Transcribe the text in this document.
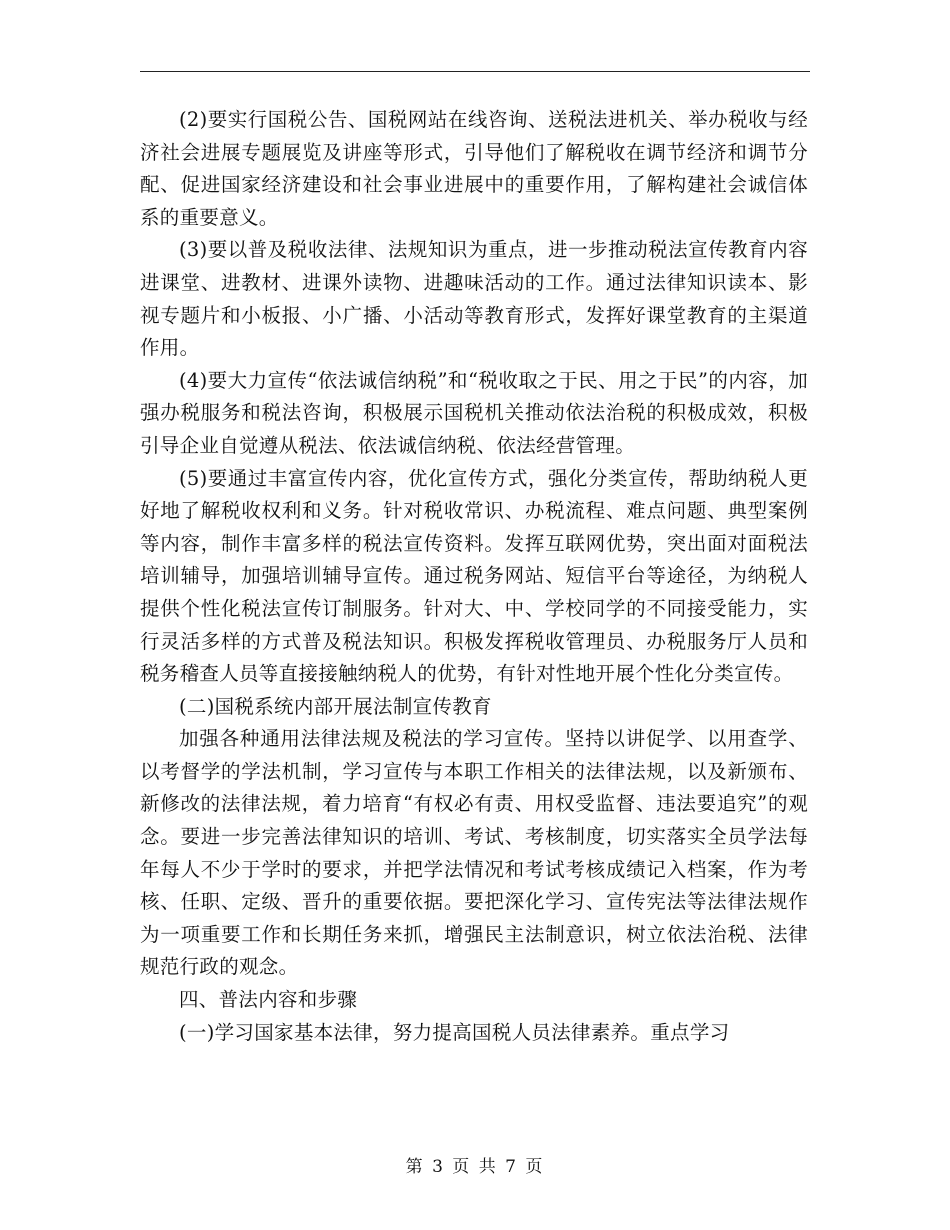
(2)要实行国税公告、国税网站在线咨询、送税法进机关、举办税收与经济社会进展专题展览及讲座等形式，引导他们了解税收在调节经济和调节分配、促进国家经济建设和社会事业进展中的重要作用，了解构建社会诚信体系的重要意义。

(3)要以普及税收法律、法规知识为重点，进一步推动税法宣传教育内容进课堂、进教材、进课外读物、进趣味活动的工作。通过法律知识读本、影视专题片和小板报、小广播、小活动等教育形式，发挥好课堂教育的主渠道作用。

(4)要大力宣传“依法诚信纳税”和“税收取之于民、用之于民”的内容，加强办税服务和税法咨询，积极展示国税机关推动依法治税的积极成效，积极引导企业自觉遵从税法、依法诚信纳税、依法经营管理。

(5)要通过丰富宣传内容，优化宣传方式，强化分类宣传，帮助纳税人更好地了解税收权利和义务。针对税收常识、办税流程、难点问题、典型案例等内容，制作丰富多样的税法宣传资料。发挥互联网优势，突出面对面税法培训辅导，加强培训辅导宣传。通过税务网站、短信平台等途径，为纳税人提供个性化税法宣传订制服务。针对大、中、学校同学的不同接受能力，实行灵活多样的方式普及税法知识。积极发挥税收管理员、办税服务厅人员和税务稽查人员等直接接触纳税人的优势，有针对性地开展个性化分类宣传。

(二)国税系统内部开展法制宣传教育

加强各种通用法律法规及税法的学习宣传。坚持以讲促学、以用查学、以考督学的学法机制，学习宣传与本职工作相关的法律法规，以及新颁布、新修改的法律法规，着力培育“有权必有责、用权受监督、违法要追究”的观念。要进一步完善法律知识的培训、考试、考核制度，切实落实全员学法每年每人不少于学时的要求，并把学法情况和考试考核成绩记入档案，作为考核、任职、定级、晋升的重要依据。要把深化学习、宣传宪法等法律法规作为一项重要工作和长期任务来抓，增强民主法制意识，树立依法治税、法律规范行政的观念。

四、普法内容和步骤

(一)学习国家基本法律，努力提高国税人员法律素养。重点学习

第 3 页 共 7 页
